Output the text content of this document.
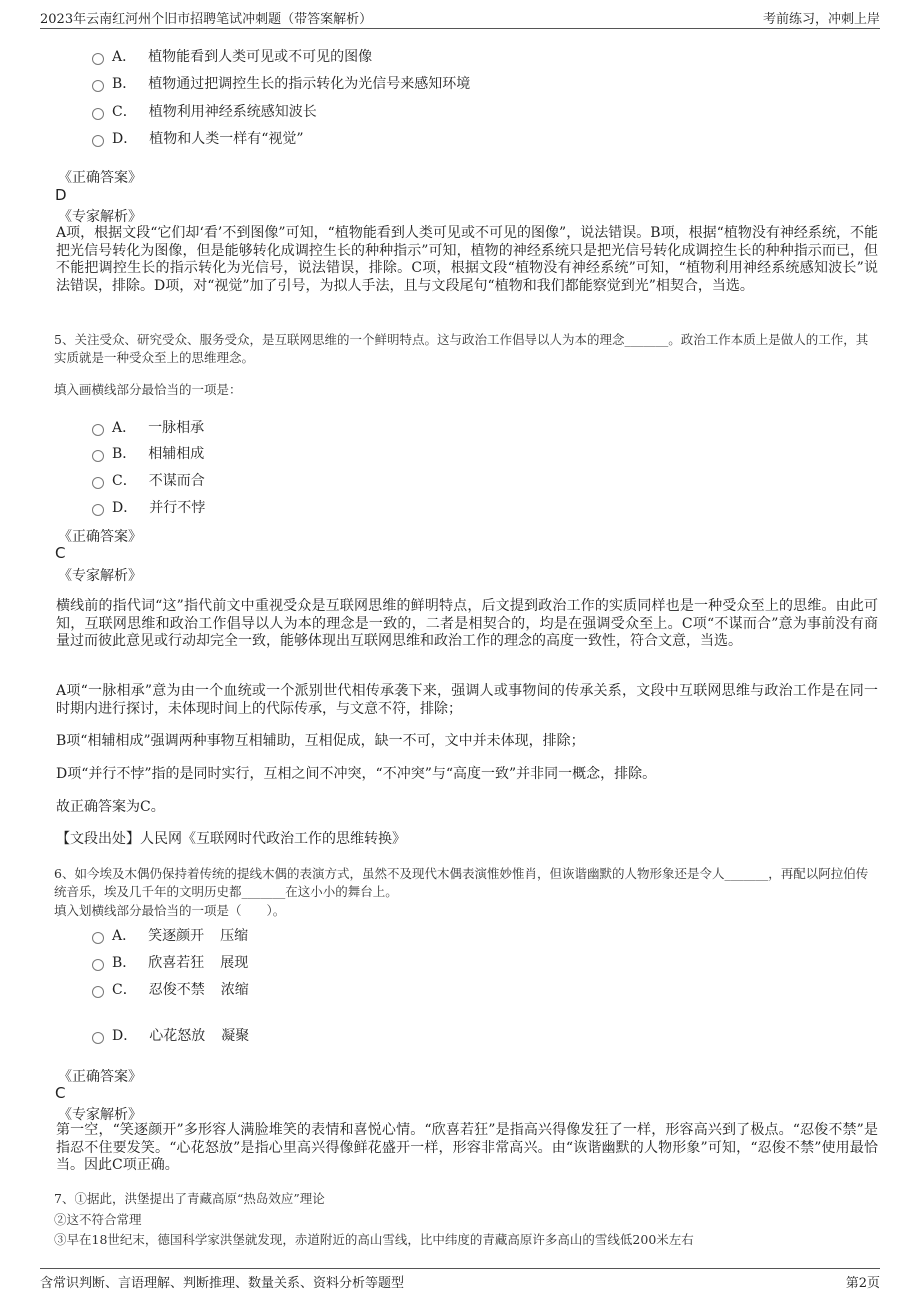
2023年云南红河州个旧市招聘笔试冲刺题（带答案解析）	考前练习，冲刺上岸
A． 植物能看到人类可见或不可见的图像
B． 植物通过把调控生长的指示转化为光信号来感知环境
C． 植物利用神经系统感知波长
D． 植物和人类一样有“视觉”
《正确答案》
D
《专家解析》
A项，根据文段“它们却‘看’不到图像”可知，“植物能看到人类可见或不可见的图像”，说法错误。B项，根据“植物没有神经系统，不能把光信号转化为图像，但是能够转化成调控生长的种种指示”可知，植物的神经系统只是把光信号转化成调控生长的种种指示而已，但不能把调控生长的指示转化为光信号，说法错误，排除。C项，根据文段“植物没有神经系统”可知，“植物利用神经系统感知波长”说法错误，排除。D项，对“视觉”加了引号，为拟人手法，且与文段尾句“植物和我们都能察觉到光”相契合，当选。
5、关注受众、研究受众、服务受众，是互联网思维的一个鲜明特点。这与政治工作倡导以人为本的理念_______。政治工作本质上是做人的工作，其实质就是一种受众至上的思维理念。
填入画横线部分最恰当的一项是：
A． 一脉相承
B． 相辅相成
C． 不谋而合
D． 并行不悖
《正确答案》
C
《专家解析》
横线前的指代词“这”指代前文中重视受众是互联网思维的鲜明特点，后文提到政治工作的实质同样也是一种受众至上的思维。由此可知，互联网思维和政治工作倡导以人为本的理念是一致的，二者是相契合的，均是在强调受众至上。C项“不谋而合”意为事前没有商量过而彼此意见或行动却完全一致，能够体现出互联网思维和政治工作的理念的高度一致性，符合文意，当选。
A项“一脉相承”意为由一个血统或一个派别世代相传承袭下来，强调人或事物间的传承关系，文段中互联网思维与政治工作是在同一时期内进行探讨，未体现时间上的代际传承，与文意不符，排除；
B项“相辅相成”强调两种事物互相辅助，互相促成，缺一不可，文中并未体现，排除；
D项“并行不悖”指的是同时实行，互相之间不冲突，“不冲突”与“高度一致”并非同一概念，排除。
故正确答案为C。
【文段出处】人民网《互联网时代政治工作的思维转换》
6、如今埃及木偶仍保持着传统的提线木偶的表演方式，虽然不及现代木偶表演惟妙惟肖，但诙谐幽默的人物形象还是令人_______，再配以阿拉伯传统音乐，埃及几千年的文明历史都_______在这小小的舞台上。
填入划横线部分最恰当的一项是（　　）。
A． 笑逐颜开 压缩
B． 欣喜若狂 展现
C． 忍俊不禁 浓缩
D． 心花怒放 凝聚
《正确答案》
C
《专家解析》
第一空，“笑逐颜开”多形容人满脸堆笑的表情和喜悦心情。“欣喜若狂”是指高兴得像发狂了一样，形容高兴到了极点。“忍俊不禁”是指忍不住要发笑。“心花怒放”是指心里高兴得像鲜花盛开一样，形容非常高兴。由“诙谐幽默的人物形象”可知，“忍俊不禁”使用最恰当。因此C项正确。
7、①据此，洪堡提出了青藏高原“热岛效应”理论
②这不符合常理
③早在18世纪末，德国科学家洪堡就发现，赤道附近的高山雪线，比中纬度的青藏高原许多高山的雪线低200米左右
含常识判断、言语理解、判断推理、数量关系、资料分析等题型	第2页
